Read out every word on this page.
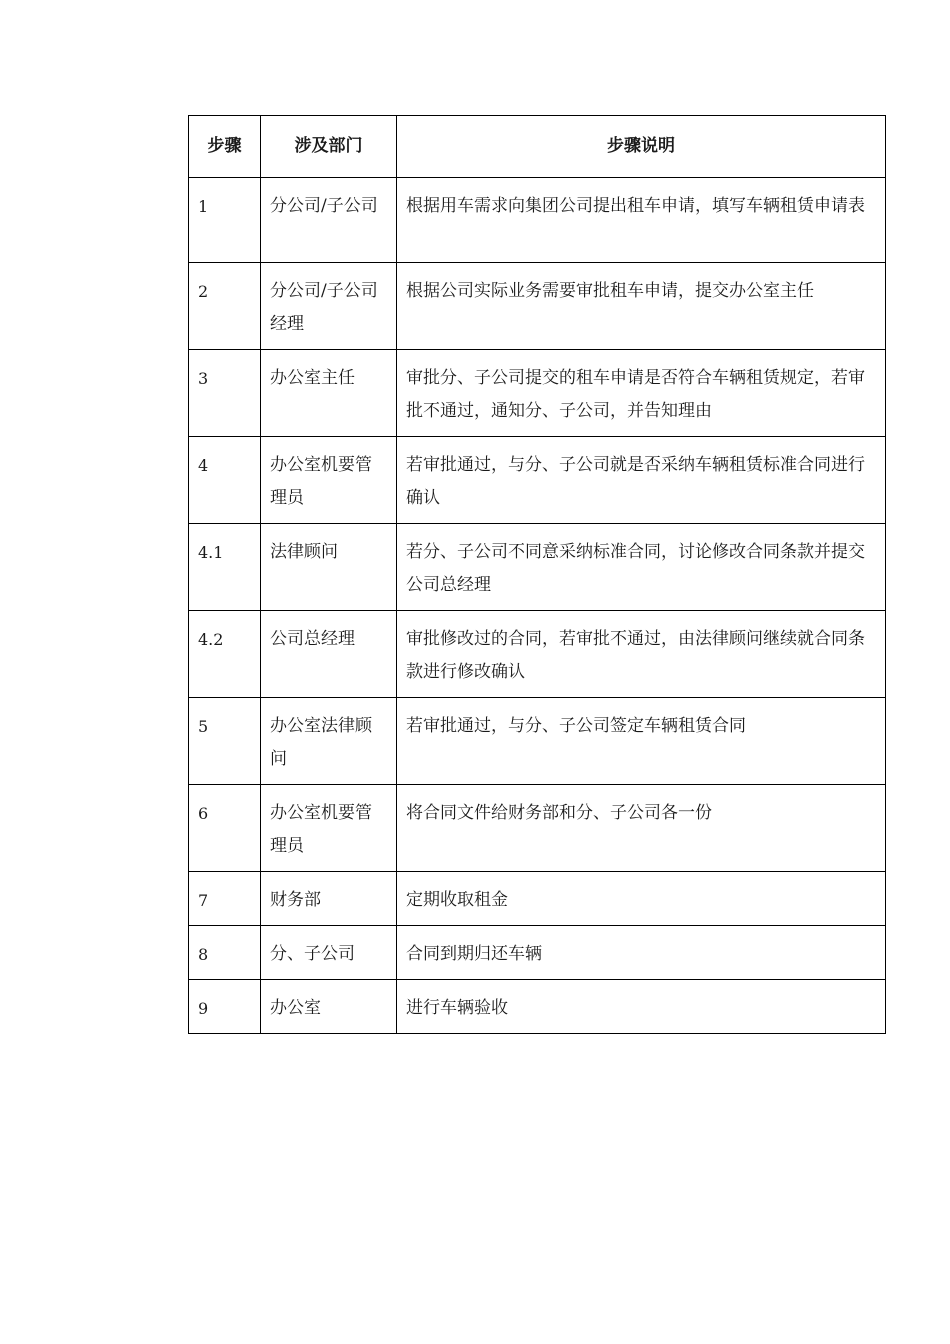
步骤	涉及部门	步骤说明
1	分公司/子公司	根据用车需求向集团公司提出租车申请，填写车辆租赁申请表
2	分公司/子公司经理	根据公司实际业务需要审批租车申请，提交办公室主任
3	办公室主任	审批分、子公司提交的租车申请是否符合车辆租赁规定，若审批不通过，通知分、子公司，并告知理由
4	办公室机要管理员	若审批通过，与分、子公司就是否采纳车辆租赁标准合同进行确认
4.1	法律顾问	若分、子公司不同意采纳标准合同，讨论修改合同条款并提交公司总经理
4.2	公司总经理	审批修改过的合同，若审批不通过，由法律顾问继续就合同条款进行修改确认
5	办公室法律顾问	若审批通过，与分、子公司签定车辆租赁合同
6	办公室机要管理员	将合同文件给财务部和分、子公司各一份
7	财务部	定期收取租金
8	分、子公司	合同到期归还车辆
9	办公室	进行车辆验收
